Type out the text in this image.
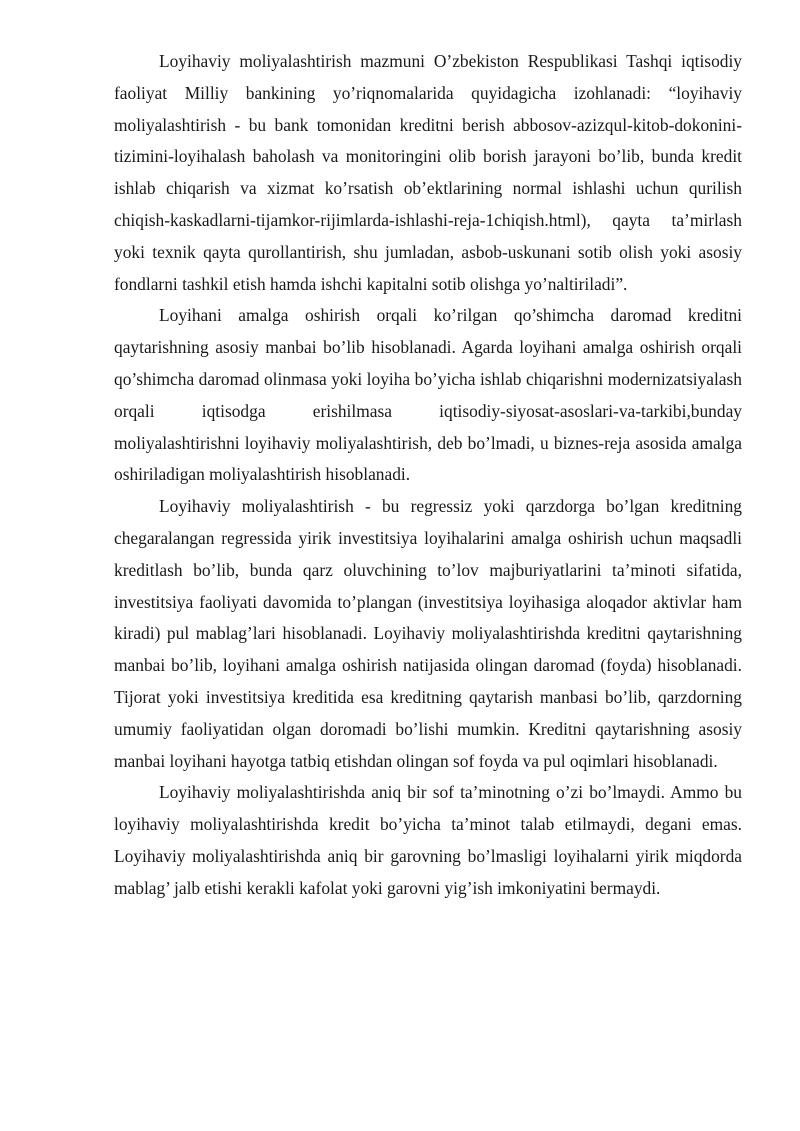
Loyihaviy moliyalashtirish mazmuni O’zbekiston Respublikasi Tashqi iqtisodiy faoliyat Milliy bankining yo’riqnomalarida quyidagicha izohlanadi: “loyihaviy moliyalashtirish - bu bank tomonidan kreditni berish abbosov-azizqul-kitob-dokonini-tizimini-loyihalash baholash va monitoringini olib borish jarayoni bo’lib, bunda kredit ishlab chiqarish va xizmat ko’rsatish ob’ektlarining normal ishlashi uchun qurilish chiqish-kaskadlarni-tijamkor-rijimlarda-ishlashi-reja-1chiqish.html), qayta ta’mirlash yoki texnik qayta qurollantirish, shu jumladan, asbob-uskunani sotib olish yoki asosiy fondlarni tashkil etish hamda ishchi kapitalni sotib olishga yo’naltiriladi”.

Loyihani amalga oshirish orqali ko’rilgan qo’shimcha daromad kreditni qaytarishning asosiy manbai bo’lib hisoblanadi. Agarda loyihani amalga oshirish orqali qo’shimcha daromad olinmasa yoki loyiha bo’yicha ishlab chiqarishni modernizatsiyalash orqali iqtisodga erishilmasa iqtisodiy-siyosat-asoslari-va-tarkibi,bunday moliyalashtirishni loyihaviy moliyalashtirish, deb bo’lmadi, u biznes-reja asosida amalga oshiriladigan moliyalashtirish hisoblanadi.

Loyihaviy moliyalashtirish - bu regressiz yoki qarzdorga bo’lgan kreditning chegaralangan regressida yirik investitsiya loyihalarini amalga oshirish uchun maqsadli kreditlash bo’lib, bunda qarz oluvchining to’lov majburiyatlarini ta’minoti sifatida, investitsiya faoliyati davomida to’plangan (investitsiya loyihasiga aloqador aktivlar ham kiradi) pul mablag’lari hisoblanadi. Loyihaviy moliyalashtirishda kreditni qaytarishning manbai bo’lib, loyihani amalga oshirish natijasida olingan daromad (foyda) hisoblanadi. Tijorat yoki investitsiya kreditida esa kreditning qaytarish manbasi bo’lib, qarzdorning umumiy faoliyatidan olgan doromadi bo’lishi mumkin. Kreditni qaytarishning asosiy manbai loyihani hayotga tatbiq etishdan olingan sof foyda va pul oqimlari hisoblanadi.

Loyihaviy moliyalashtirishda aniq bir sof ta’minotning o’zi bo’lmaydi. Ammo bu loyihaviy moliyalashtirishda kredit bo’yicha ta’minot talab etilmaydi, degani emas. Loyihaviy moliyalashtirishda aniq bir garovning bo’lmasligi loyihalarni yirik miqdorda mablag’ jalb etishi kerakli kafolat yoki garovni yig’ish imkoniyatini bermaydi.
